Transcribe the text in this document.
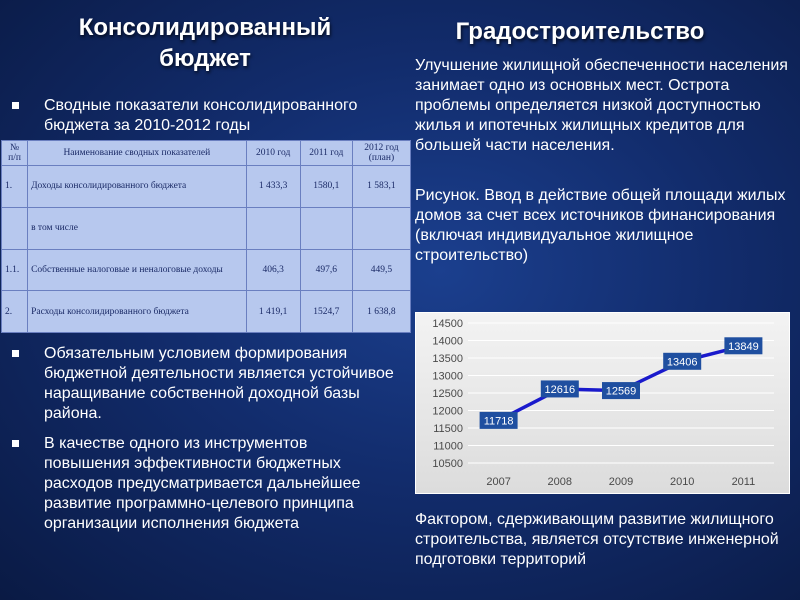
Консолидированный бюджет
Сводные показатели консолидированного бюджета за 2010-2012 годы
№ п/п	Наименование сводных показателей	2010 год	2011 год	2012 год (план)
1.	Доходы консолидированного бюджета	1 433,3	1580,1	1 583,1
	в том числе			
1.1.	Собственные налоговые и неналоговые доходы	406,3	497,6	449,5
2.	Расходы консолидированного бюджета	1 419,1	1524,7	1 638,8
Обязательным условием формирования бюджетной деятельности является устойчивое наращивание собственной доходной базы района.
В качестве одного из инструментов повышения эффективности бюджетных расходов предусматривается дальнейшее развитие программно-целевого принципа организации исполнения бюджета
Градостроительство
Улучшение жилищной обеспеченности населения занимает одно из основных мест. Острота проблемы определяется низкой доступностью жилья и ипотечных жилищных кредитов для большей части населения.
Рисунок. Ввод в действие общей площади жилых домов за счет всех источников финансирования (включая индивидуальное жилищное строительство)
10500
11000
11500
12000
12500
13000
13500
14000
14500
2007	2008	2009	2010	2011
11718
12616	12569
13406
13849
Фактором, сдерживающим развитие жилищного строительства, является отсутствие инженерной подготовки территорий
